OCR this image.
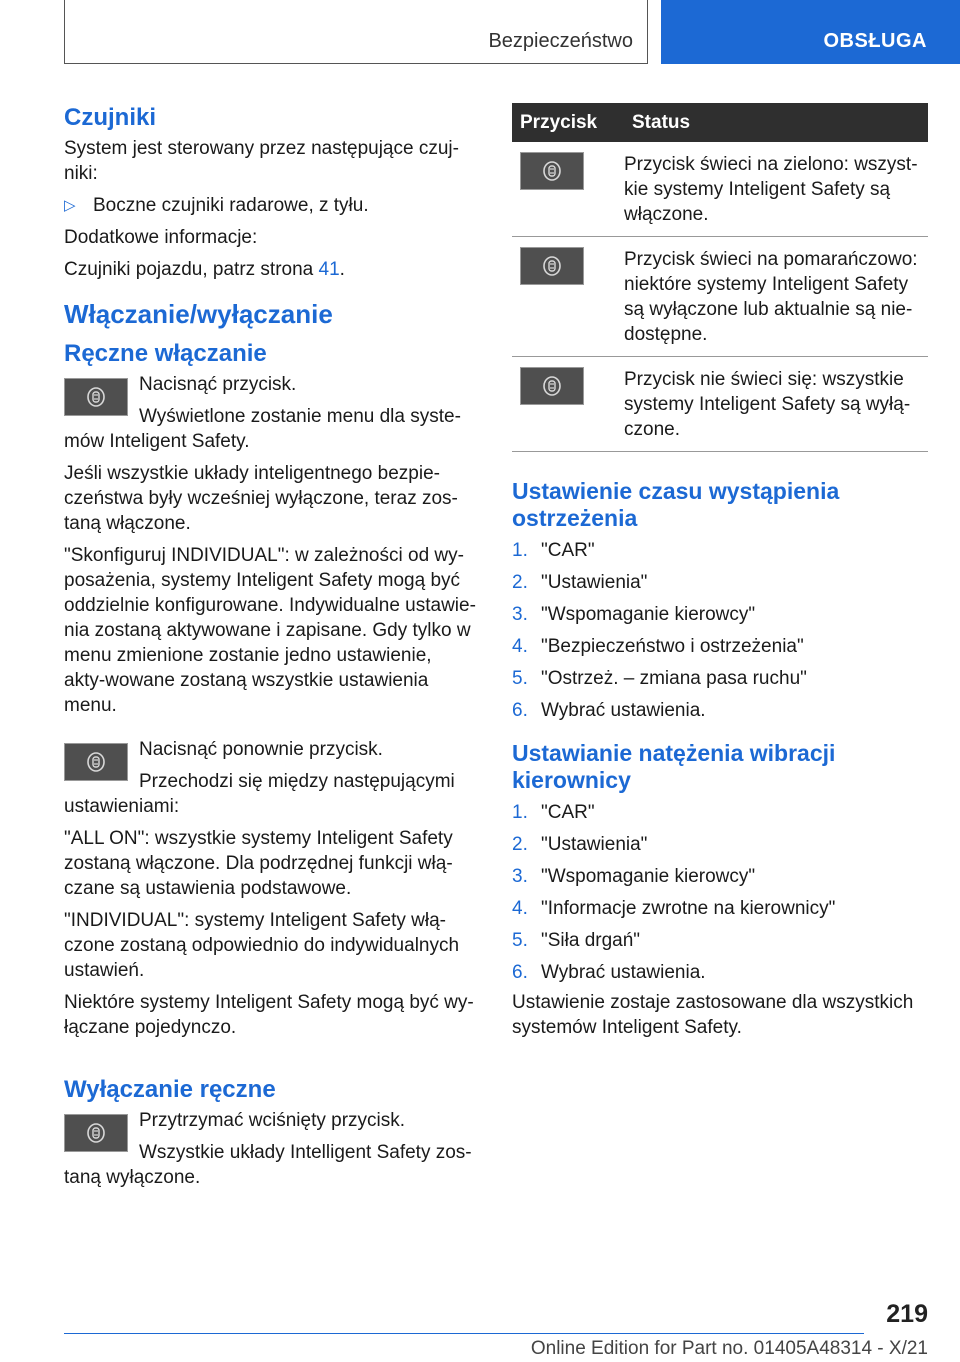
Bezpieczeństwo	OBSŁUGA
Czujniki

System jest sterowany przez następujące czuj‐niki:

▷ Boczne czujniki radarowe, z tyłu.

Dodatkowe informacje:

Czujniki pojazdu, patrz strona 41.

Włączanie/wyłączanie
Ręczne włączanie

Nacisnąć przycisk.

Wyświetlone zostanie menu dla syste‐mów Inteligent Safety.

Jeśli wszystkie układy inteligentnego bezpie‐czeństwa były wcześniej wyłączone, teraz zos‐taną włączone.

"Skonfiguruj INDIVIDUAL": w zależności od wy‐posażenia, systemy Inteligent Safety mogą być oddzielnie konfigurowane. Indywidualne ustawie‐nia zostaną aktywowane i zapisane. Gdy tylko w menu zmienione zostanie jedno ustawienie, akty‐wowane zostaną wszystkie ustawienia menu.

Nacisnąć ponownie przycisk.

Przechodzi się między następującymi ustawieniami:

"ALL ON": wszystkie systemy Inteligent Safety zostaną włączone. Dla podrzędnej funkcji włą‐czane są ustawienia podstawowe.

"INDIVIDUAL": systemy Inteligent Safety włą‐czone zostaną odpowiednio do indywidualnych ustawień.

Niektóre systemy Inteligent Safety mogą być wy‐łączane pojedynczo.

Wyłączanie ręczne

Przytrzymać wciśnięty przycisk.

Wszystkie układy Intelligent Safety zos‐taną wyłączone.

Przycisk	Status

	Przycisk świeci na zielono: wszyst‐kie systemy Inteligent Safety są włączone.

	Przycisk świeci na pomarańczowo: niektóre systemy Inteligent Safety są wyłączone lub aktualnie są nie‐dostępne.

	Przycisk nie świeci się: wszystkie systemy Inteligent Safety są wyłą‐czone.
Ustawienie czasu wystąpienia ostrzeżenia
1. "CAR"
2. "Ustawienia"
3. "Wspomaganie kierowcy"
4. "Bezpieczeństwo i ostrzeżenia"
5. "Ostrzeż. – zmiana pasa ruchu"
6. Wybrać ustawienia.
Ustawianie natężenia wibracji kierownicy
1. "CAR"
2. "Ustawienia"
3. "Wspomaganie kierowcy"
4. "Informacje zwrotne na kierownicy"
5. "Siła drgań"
6. Wybrać ustawienia.

Ustawienie zostaje zastosowane dla wszystkich systemów Inteligent Safety.

219
Online Edition for Part no. 01405A48314 - X/21
